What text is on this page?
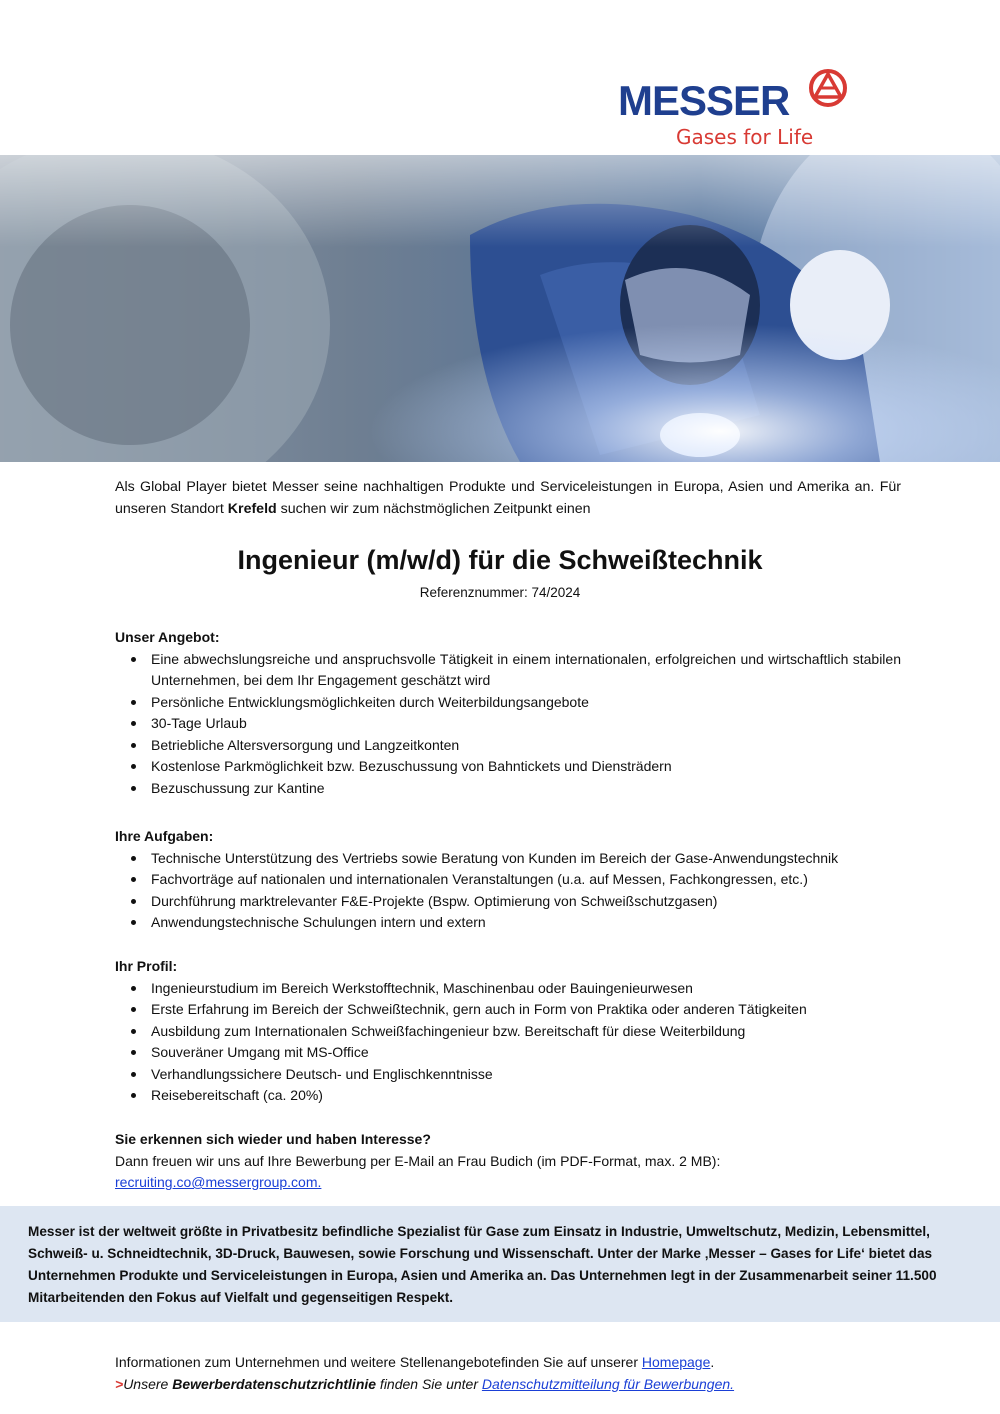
MESSER
Gases for Life
Als Global Player bietet Messer seine nachhaltigen Produkte und Serviceleistungen in Europa, Asien und Amerika an. Für unseren Standort Krefeld suchen wir zum nächstmöglichen Zeitpunkt einen
Ingenieur (m/w/d) für die Schweißtechnik
Referenznummer: 74/2024
Unser Angebot:
Eine abwechslungsreiche und anspruchsvolle Tätigkeit in einem internationalen, erfolgreichen und wirtschaftlich stabilen Unternehmen, bei dem Ihr Engagement geschätzt wird
Persönliche Entwicklungsmöglichkeiten durch Weiterbildungsangebote
30-Tage Urlaub
Betriebliche Altersversorgung und Langzeitkonten
Kostenlose Parkmöglichkeit bzw. Bezuschussung von Bahntickets und Diensträdern
Bezuschussung zur Kantine
Ihre Aufgaben:
Technische Unterstützung des Vertriebs sowie Beratung von Kunden im Bereich der Gase-Anwendungstechnik
Fachvorträge auf nationalen und internationalen Veranstaltungen (u.a. auf Messen, Fachkongressen, etc.)
Durchführung marktrelevanter F&E-Projekte (Bspw. Optimierung von Schweißschutzgasen)
Anwendungstechnische Schulungen intern und extern
Ihr Profil:
Ingenieurstudium im Bereich Werkstofftechnik, Maschinenbau oder Bauingenieurwesen
Erste Erfahrung im Bereich der Schweißtechnik, gern auch in Form von Praktika oder anderen Tätigkeiten
Ausbildung zum Internationalen Schweißfachingenieur bzw. Bereitschaft für diese Weiterbildung
Souveräner Umgang mit MS-Office
Verhandlungssichere Deutsch- und Englischkenntnisse
Reisebereitschaft (ca. 20%)
Sie erkennen sich wieder und haben Interesse?

Dann freuen wir uns auf Ihre Bewerbung per E-Mail an Frau Budich (im PDF-Format, max. 2 MB):

recruiting.co@messergroup.com.

Messer ist der weltweit größte in Privatbesitz befindliche Spezialist für Gase zum Einsatz in Industrie, Umweltschutz, Medizin, Lebensmittel, Schweiß- u. Schneidtechnik, 3D-Druck, Bauwesen, sowie Forschung und Wissenschaft. Unter der Marke ‚Messer – Gases for Life‘ bietet das Unternehmen Produkte und Serviceleistungen in Europa, Asien und Amerika an. Das Unternehmen legt in der Zusammenarbeit seiner 11.500 Mitarbeitenden den Fokus auf Vielfalt und gegenseitigen Respekt.

Informationen zum Unternehmen und weitere Stellenangebotefinden Sie auf unserer Homepage.

>Unsere Bewerberdatenschutzrichtlinie finden Sie unter Datenschutzmitteilung für Bewerbungen.
